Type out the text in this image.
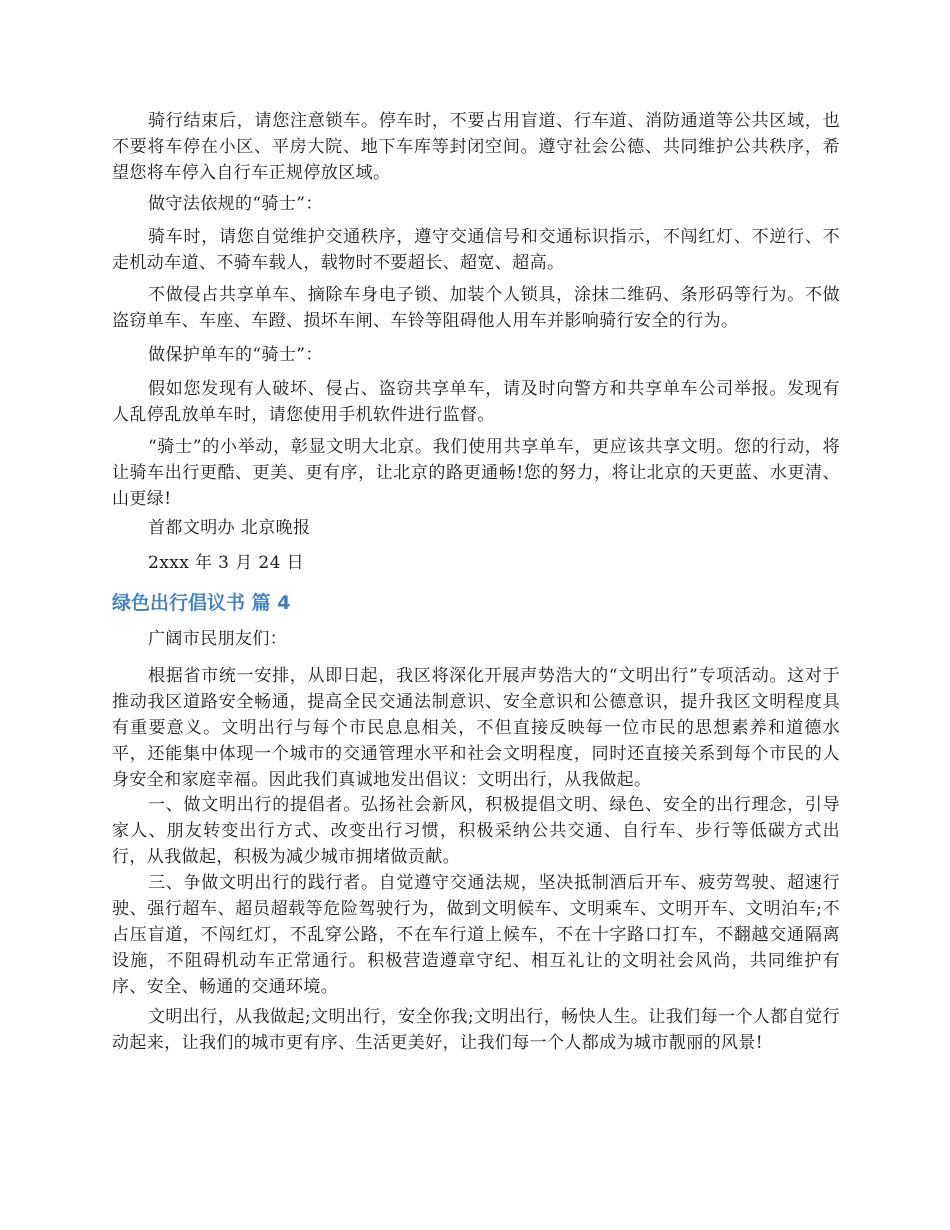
骑行结束后，请您注意锁车。停车时，不要占用盲道、行车道、消防通道等公共区域，也不要将车停在小区、平房大院、地下车库等封闭空间。遵守社会公德、共同维护公共秩序，希望您将车停入自行车正规停放区域。

做守法依规的“骑士”：

骑车时，请您自觉维护交通秩序，遵守交通信号和交通标识指示，不闯红灯、不逆行、不走机动车道、不骑车载人，载物时不要超长、超宽、超高。

不做侵占共享单车、摘除车身电子锁、加装个人锁具，涂抹二维码、条形码等行为。不做盗窃单车、车座、车蹬、损坏车闸、车铃等阻碍他人用车并影响骑行安全的行为。

做保护单车的“骑士”：

假如您发现有人破坏、侵占、盗窃共享单车，请及时向警方和共享单车公司举报。发现有人乱停乱放单车时，请您使用手机软件进行监督。

“骑士”的小举动，彰显文明大北京。我们使用共享单车，更应该共享文明。您的行动，将让骑车出行更酷、更美、更有序，让北京的路更通畅!您的努力，将让北京的天更蓝、水更清、山更绿!

首都文明办 北京晚报

2xxx 年 3 月 24 日

绿色出行倡议书 篇 4

广阔市民朋友们：

根据省市统一安排，从即日起，我区将深化开展声势浩大的“文明出行”专项活动。这对于推动我区道路安全畅通，提高全民交通法制意识、安全意识和公德意识，提升我区文明程度具有重要意义。文明出行与每个市民息息相关，不但直接反映每一位市民的思想素养和道德水平，还能集中体现一个城市的交通管理水平和社会文明程度，同时还直接关系到每个市民的人身安全和家庭幸福。因此我们真诚地发出倡议：文明出行，从我做起。

一、做文明出行的提倡者。弘扬社会新风，积极提倡文明、绿色、安全的出行理念，引导家人、朋友转变出行方式、改变出行习惯，积极采纳公共交通、自行车、步行等低碳方式出行，从我做起，积极为减少城市拥堵做贡献。

三、争做文明出行的践行者。自觉遵守交通法规，坚决抵制酒后开车、疲劳驾驶、超速行驶、强行超车、超员超载等危险驾驶行为，做到文明候车、文明乘车、文明开车、文明泊车;不占压盲道，不闯红灯，不乱穿公路，不在车行道上候车，不在十字路口打车，不翻越交通隔离设施，不阻碍机动车正常通行。积极营造遵章守纪、相互礼让的文明社会风尚，共同维护有序、安全、畅通的交通环境。

文明出行，从我做起;文明出行，安全你我;文明出行，畅快人生。让我们每一个人都自觉行动起来，让我们的城市更有序、生活更美好，让我们每一个人都成为城市靓丽的风景!
